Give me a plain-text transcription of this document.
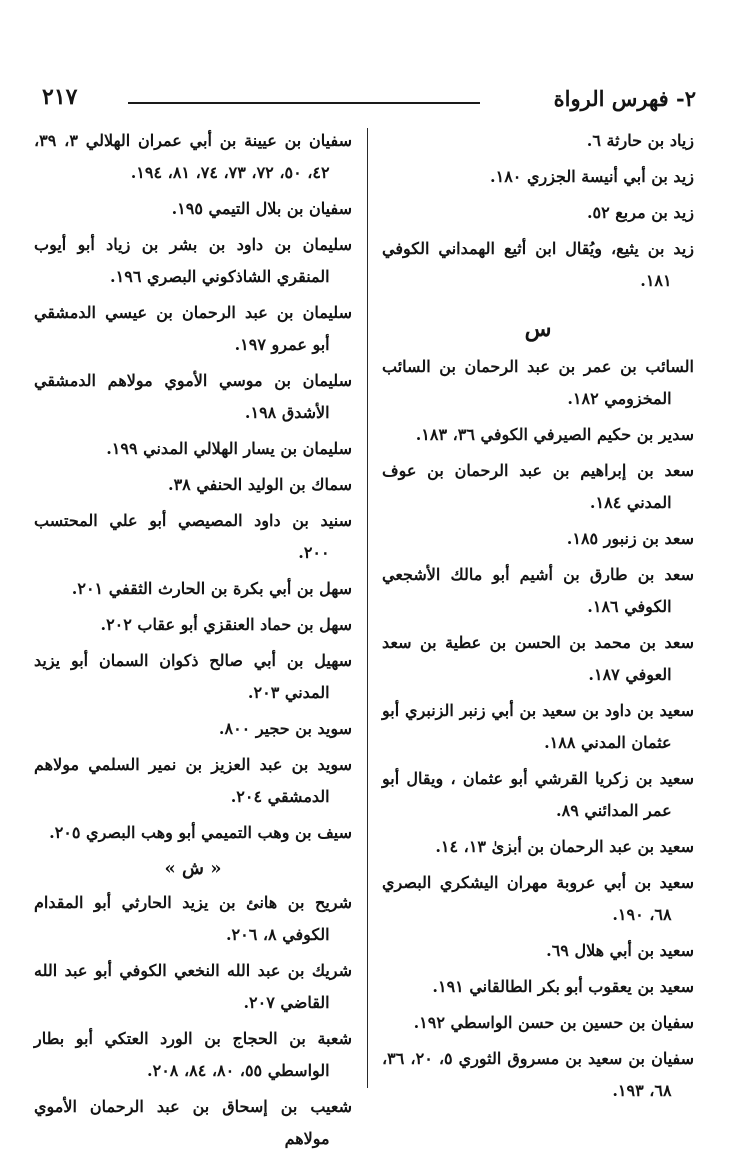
٢- فهرس الرواة
٢١٧
زياد بن حارثة ٦.
زيد بن أبي أنيسة الجزري ١٨٠.
زيد بن مربع ٥٢.
زيد بن يثيع، ويُقال ابن أثيع الهمداني الكوفي ١٨١.
س
السائب بن عمر بن عبد الرحمان بن السائب المخزومي ١٨٢.
سدير بن حكيم الصيرفي الكوفي ٣٦، ١٨٣.
سعد بن إبراهيم بن عبد الرحمان بن عوف المدني ١٨٤.
سعد بن زنبور ١٨٥.
سعد بن طارق بن أشيم أبو مالك الأشجعي الكوفي ١٨٦.
سعد بن محمد بن الحسن بن عطية بن سعد العوفي ١٨٧.
سعيد بن داود بن سعيد بن أبي زنبر الزنبري أبو عثمان المدني ١٨٨.
سعيد بن زكريا القرشي أبو عثمان ، ويقال أبو عمر المدائني ٨٩.
سعيد بن عبد الرحمان بن أبزىٰ ١٣، ١٤.
سعيد بن أبي عروبة مهران اليشكري البصري ٦٨، ١٩٠.
سعيد بن أبي هلال ٦٩.
سعيد بن يعقوب أبو بكر الطالقاني ١٩١.
سفيان بن حسين بن حسن الواسطي ١٩٢.
سفيان بن سعيد بن مسروق الثوري ٥، ٢٠، ٣٦، ٦٨، ١٩٣.
سفيان بن عيينة بن أبي عمران الهلالي ٣، ٣٩، ٤٢، ٥٠، ٧٢، ٧٣، ٧٤، ٨١، ١٩٤.
سفيان بن بلال التيمي ١٩٥.
سليمان بن داود بن بشر بن زياد أبو أيوب المنقري الشاذكوني البصري ١٩٦.
سليمان بن عبد الرحمان بن عيسي الدمشقي أبو عمرو ١٩٧.
سليمان بن موسي الأموي مولاهم الدمشقي الأشدق ١٩٨.
سليمان بن يسار الهلالي المدني ١٩٩.
سماك بن الوليد الحنفي ٣٨.
سنيد بن داود المصيصي أبو علي المحتسب ٢٠٠.
سهل بن أبي بكرة بن الحارث الثقفي ٢٠١.
سهل بن حماد العنقزي أبو عقاب ٢٠٢.
سهيل بن أبي صالح ذكوان السمان أبو يزيد المدني ٢٠٣.
سويد بن حجير ٨٠٠.
سويد بن عبد العزيز بن نمير السلمي مولاهم الدمشقي ٢٠٤.
سيف بن وهب التميمي أبو وهب البصري ٢٠٥.
« ش »
شريح بن هانئ بن يزيد الحارثي أبو المقدام الكوفي ٨، ٢٠٦.
شريك بن عبد الله النخعي الكوفي أبو عبد الله القاضي ٢٠٧.
شعبة بن الحجاج بن الورد العتكي أبو بطار الواسطي ٥٥، ٨٠، ٨٤، ٢٠٨.
شعيب بن إسحاق بن عبد الرحمان الأموي مولاهم
